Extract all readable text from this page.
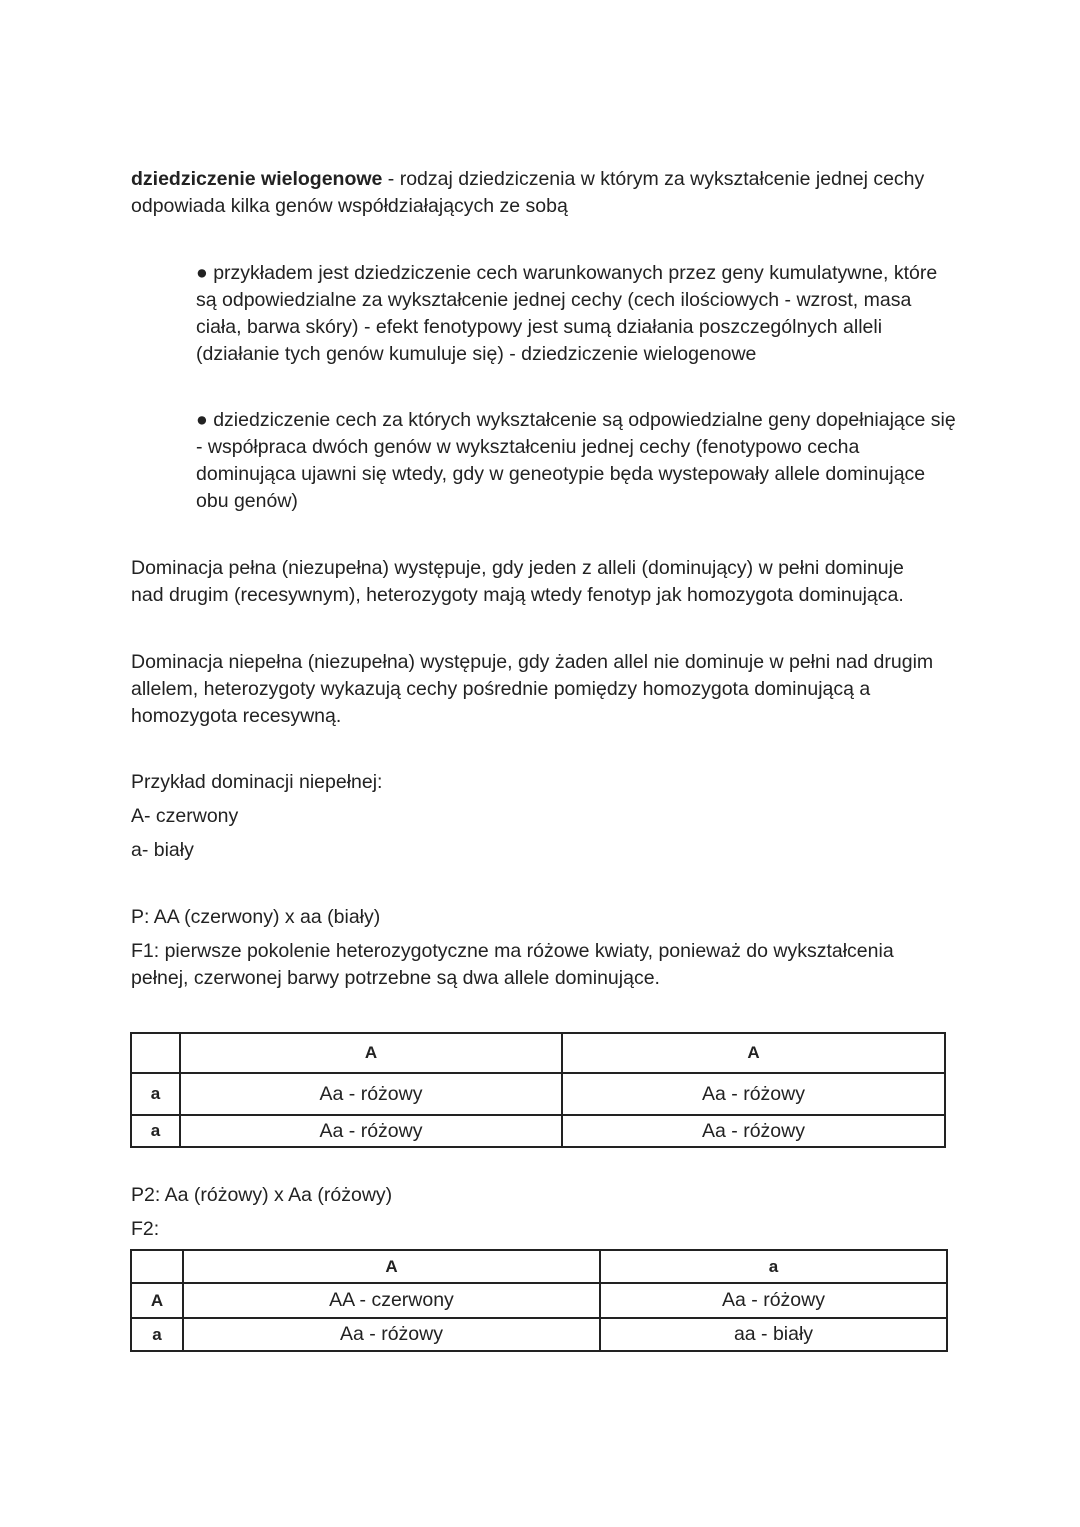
dziedziczenie wielogenowe - rodzaj dziedziczenia w którym za wykształcenie jednej cechy odpowiada kilka genów współdziałających ze sobą
● przykładem jest dziedziczenie cech warunkowanych przez geny kumulatywne, które są odpowiedzialne za wykształcenie jednej cechy (cech ilościowych - wzrost, masa ciała, barwa skóry) - efekt fenotypowy jest sumą działania poszczególnych alleli (działanie tych genów kumuluje się) - dziedziczenie wielogenowe
● dziedziczenie cech za których wykształcenie są odpowiedzialne geny dopełniające się - współpraca dwóch genów w wykształceniu jednej cechy (fenotypowo cecha dominująca ujawni się wtedy, gdy w geneotypie będa wystepowały allele dominujące obu genów)
Dominacja pełna (niezupełna) występuje, gdy jeden z alleli (dominujący) w pełni dominuje nad drugim (recesywnym), heterozygoty mają wtedy fenotyp jak homozygota dominująca.
Dominacja niepełna (niezupełna) występuje, gdy żaden allel nie dominuje w pełni nad drugim allelem, heterozygoty wykazują cechy pośrednie pomiędzy homozygota dominującą a homozygota recesywną.
Przykład dominacji niepełnej:
A- czerwony
a- biały
P: AA (czerwony) x aa (biały)
F1: pierwsze pokolenie heterozygotyczne ma różowe kwiaty, ponieważ do wykształcenia pełnej, czerwonej barwy potrzebne są dwa allele dominujące.
	A	A
a	Aa - różowy	Aa - różowy
a	Aa - różowy	Aa - różowy
P2: Aa (różowy) x Aa (różowy)
F2:
	A	a
A	AA - czerwony	Aa - różowy
a	Aa - różowy	aa - biały
